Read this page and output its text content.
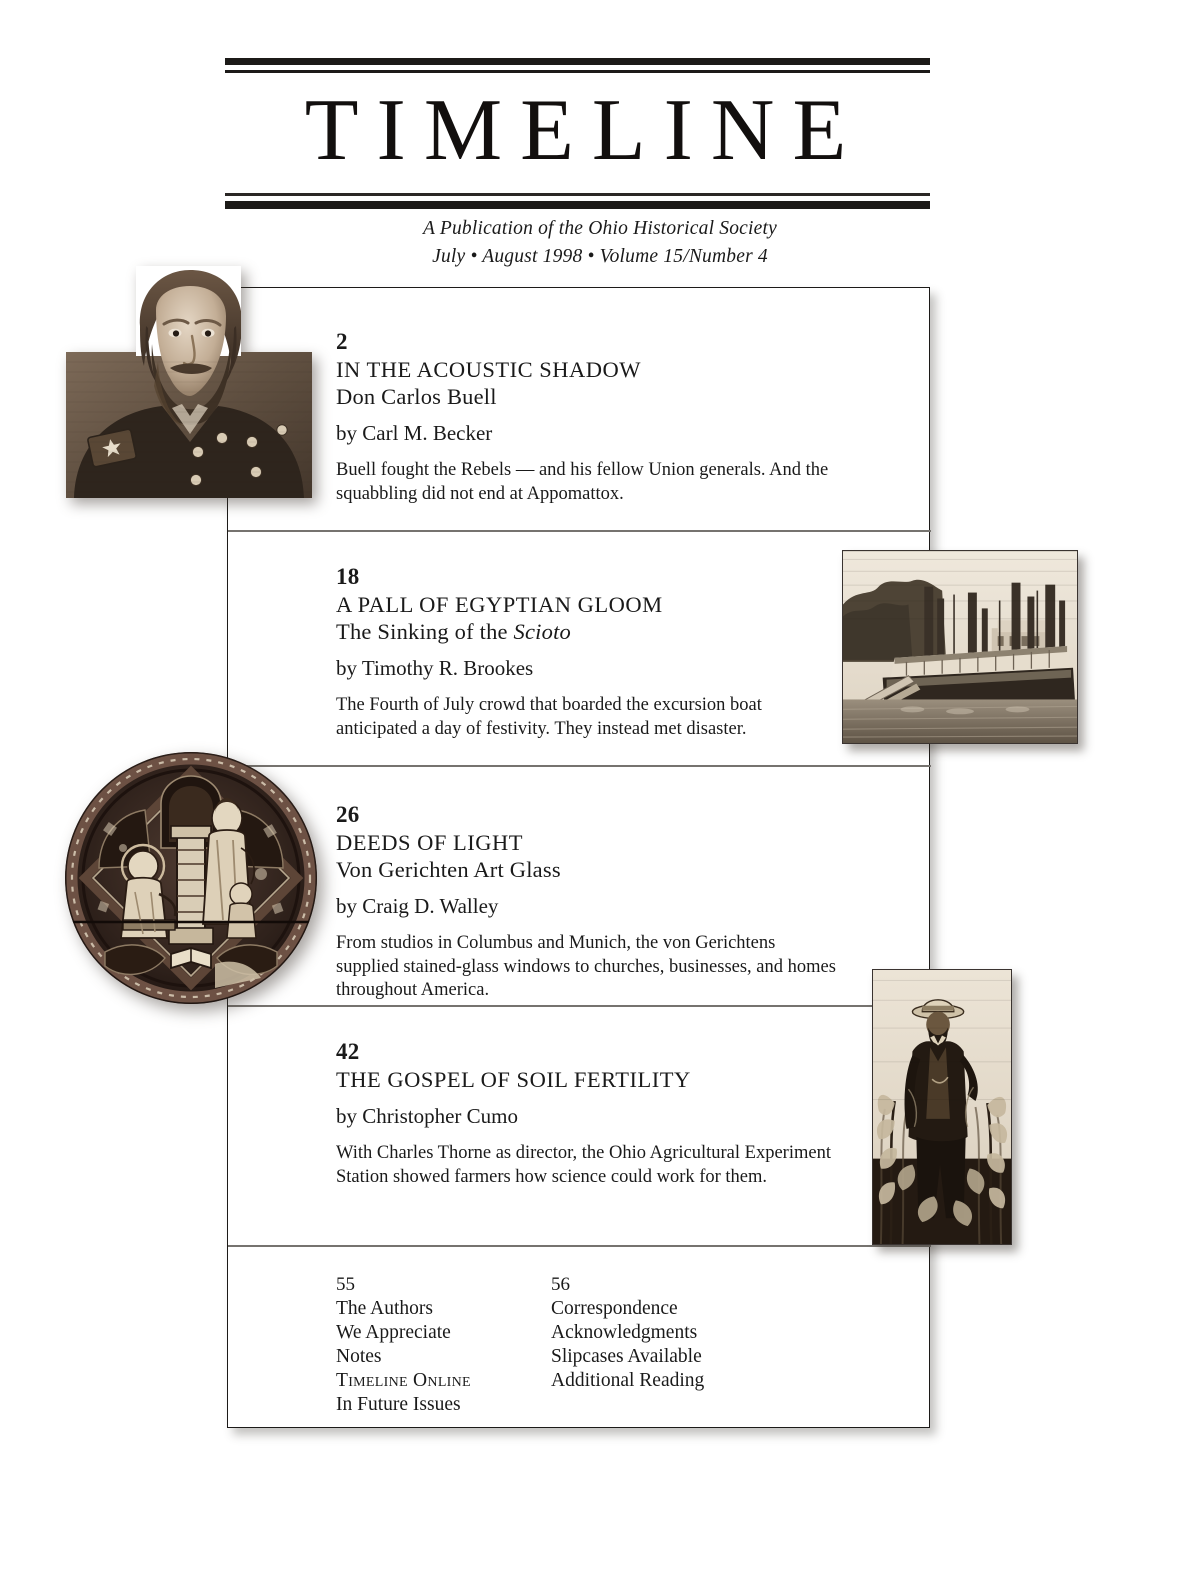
TIMELINE
A Publication of the Ohio Historical Society
July • August 1998 • Volume 15/Number 4

2

IN THE ACOUSTIC SHADOW

Don Carlos Buell

by Carl M. Becker

Buell fought the Rebels — and his fellow Union generals. And the squabbling did not end at Appomattox.

18

A PALL OF EGYPTIAN GLOOM

The Sinking of the Scioto

by Timothy R. Brookes

The Fourth of July crowd that boarded the excursion boat anticipated a day of festivity. They instead met disaster.

26

DEEDS OF LIGHT

Von Gerichten Art Glass

by Craig D. Walley

From studios in Columbus and Munich, the von Gerichtens supplied stained-glass windows to churches, businesses, and homes throughout America.

42

THE GOSPEL OF SOIL FERTILITY

by Christopher Cumo

With Charles Thorne as director, the Ohio Agricultural Experiment Station showed farmers how science could work for them.

55

The Authors

We Appreciate

Notes

Timeline Online

In Future Issues

56

Correspondence

Acknowledgments

Slipcases Available

Additional Reading
